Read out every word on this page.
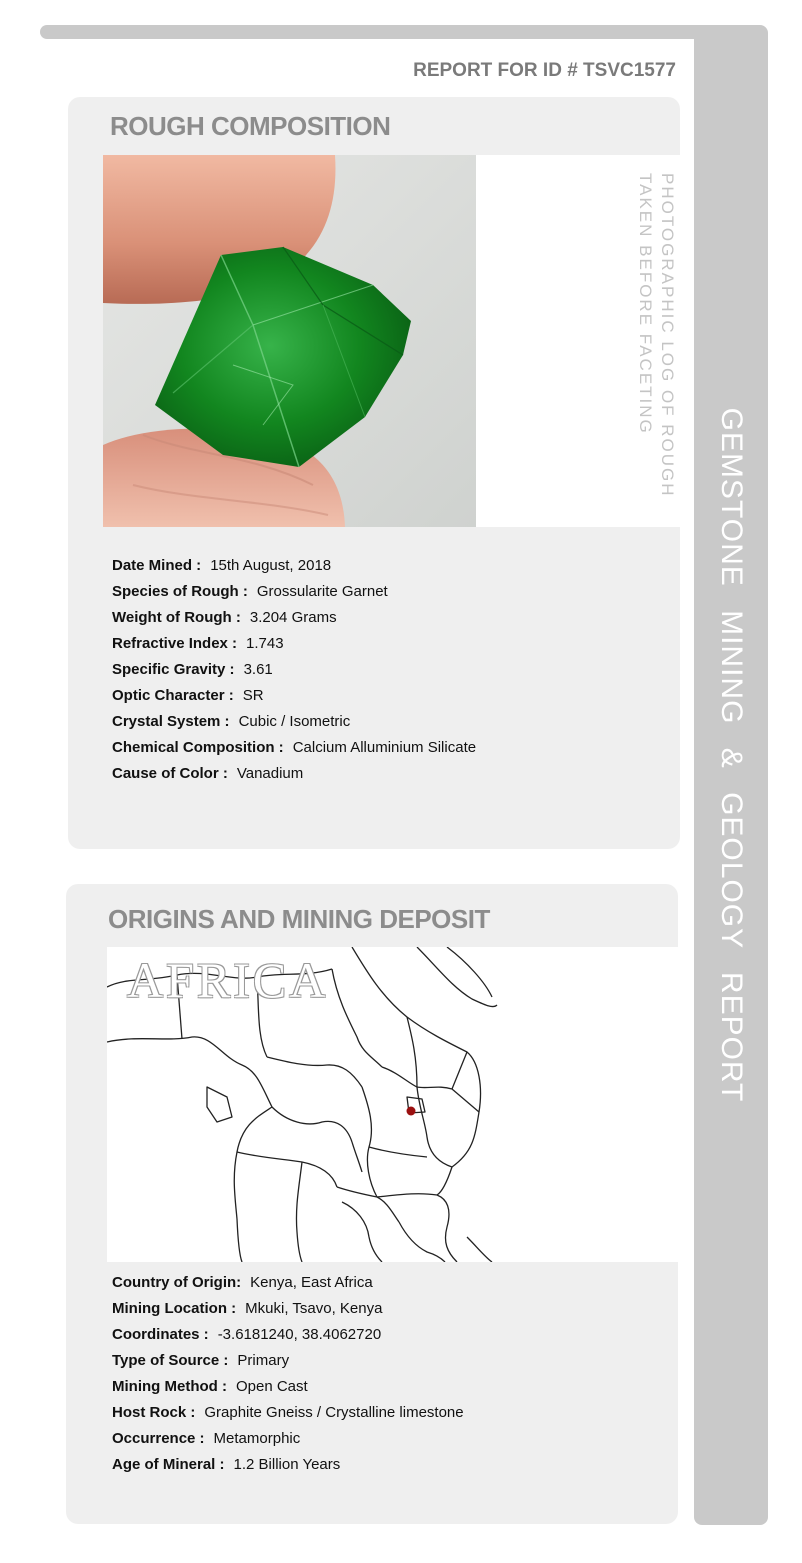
GEMSTONE MINING & GEOLOGY REPORT
REPORT FOR ID # TSVC1577
ROUGH COMPOSITION
PHOTOGRAPHIC LOG OF ROUGH
TAKEN BEFORE FACETING
Date Mined : 15th August, 2018
Species of Rough : Grossularite Garnet
Weight of Rough : 3.204 Grams
Refractive Index : 1.743
Specific Gravity : 3.61
Optic Character : SR
Crystal System : Cubic / Isometric
Chemical Composition : Calcium Alluminium Silicate
Cause of Color : Vanadium
ORIGINS AND MINING DEPOSIT
AFRICA
Country of Origin: Kenya, East Africa
Mining Location : Mkuki, Tsavo, Kenya
Coordinates : -3.6181240, 38.4062720
Type of Source : Primary
Mining Method : Open Cast
Host Rock : Graphite Gneiss / Crystalline limestone
Occurrence : Metamorphic
Age of Mineral : 1.2 Billion Years
